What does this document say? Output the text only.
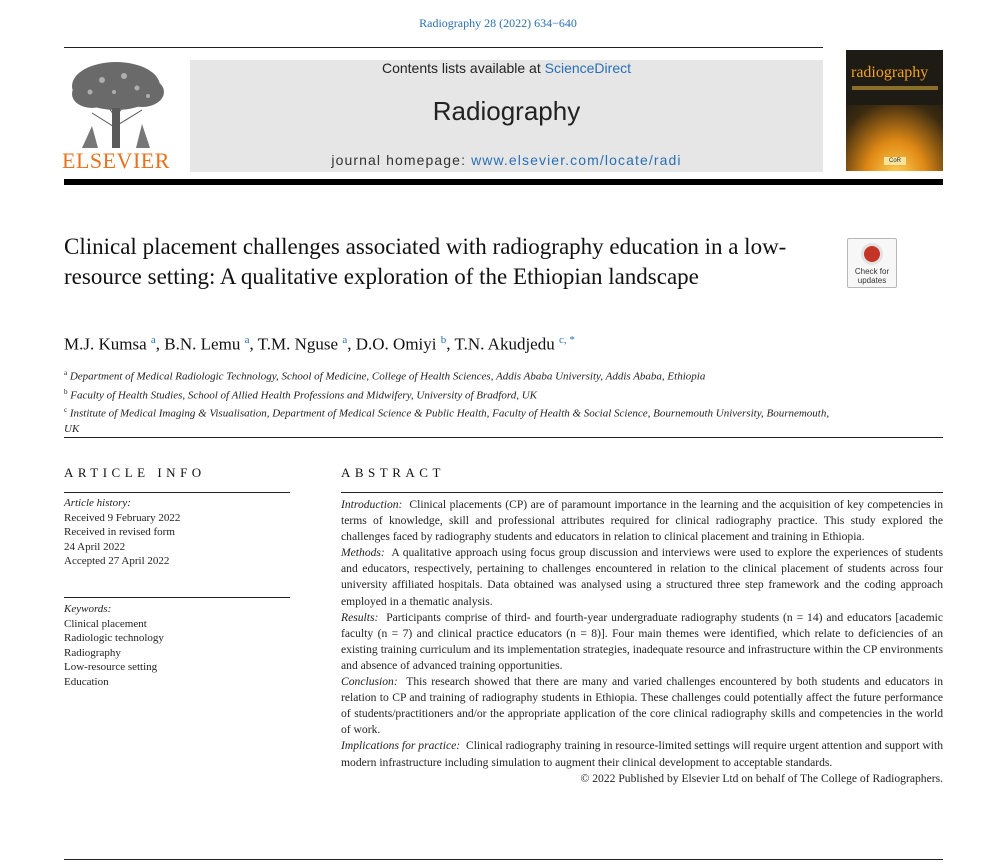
Radiography 28 (2022) 634−640
ELSEVIER
Contents lists available at ScienceDirect
Radiography
journal homepage: www.elsevier.com/locate/radi
radiography
CoR
Clinical placement challenges associated with radiography education in a low-resource setting: A qualitative exploration of the Ethiopian landscape	Check for
updates
M.J. Kumsa $^a$, B.N. Lemu $^a$, T.M. Nguse $^a$, D.O. Omiyi $^b$, T.N. Akudjedu $^{c, *}$

$^a$ Department of Medical Radiologic Technology, School of Medicine, College of Health Sciences, Addis Ababa University, Addis Ababa, Ethiopia

$^b$ Faculty of Health Studies, School of Allied Health Professions and Midwifery, University of Bradford, UK

$^c$ Institute of Medical Imaging & Visualisation, Department of Medical Science & Public Health, Faculty of Health & Social Science, Bournemouth University, Bournemouth, UK

ARTICLE INFO

Article history:

Received 9 February 2022

Received in revised form

24 April 2022

Accepted 27 April 2022

Keywords:

Clinical placement

Radiologic technology

Radiography

Low-resource setting

Education

ABSTRACT

Introduction: Clinical placements (CP) are of paramount importance in the learning and the acquisition of key competencies in terms of knowledge, skill and professional attributes required for clinical radiography practice. This study explored the challenges faced by radiography students and educators in relation to clinical placement and training in Ethiopia.

Methods: A qualitative approach using focus group discussion and interviews were used to explore the experiences of students and educators, respectively, pertaining to challenges encountered in relation to the clinical placement of students across four university affiliated hospitals. Data obtained was analysed using a structured three step framework and the coding approach employed in a thematic analysis.

Results: Participants comprise of third- and fourth-year undergraduate radiography students (n = 14) and educators [academic faculty (n = 7) and clinical practice educators (n = 8)]. Four main themes were identified, which relate to deficiencies of an existing training curriculum and its implementation strategies, inadequate resource and infrastructure within the CP environments and absence of advanced training opportunities.

Conclusion: This research showed that there are many and varied challenges encountered by both students and educators in relation to CP and training of radiography students in Ethiopia. These challenges could potentially affect the future performance of students/practitioners and/or the appropriate application of the core clinical radiography skills and competencies in the world of work.

Implications for practice: Clinical radiography training in resource-limited settings will require urgent attention and support with modern infrastructure including simulation to augment their clinical development to acceptable standards.

© 2022 Published by Elsevier Ltd on behalf of The College of Radiographers.
